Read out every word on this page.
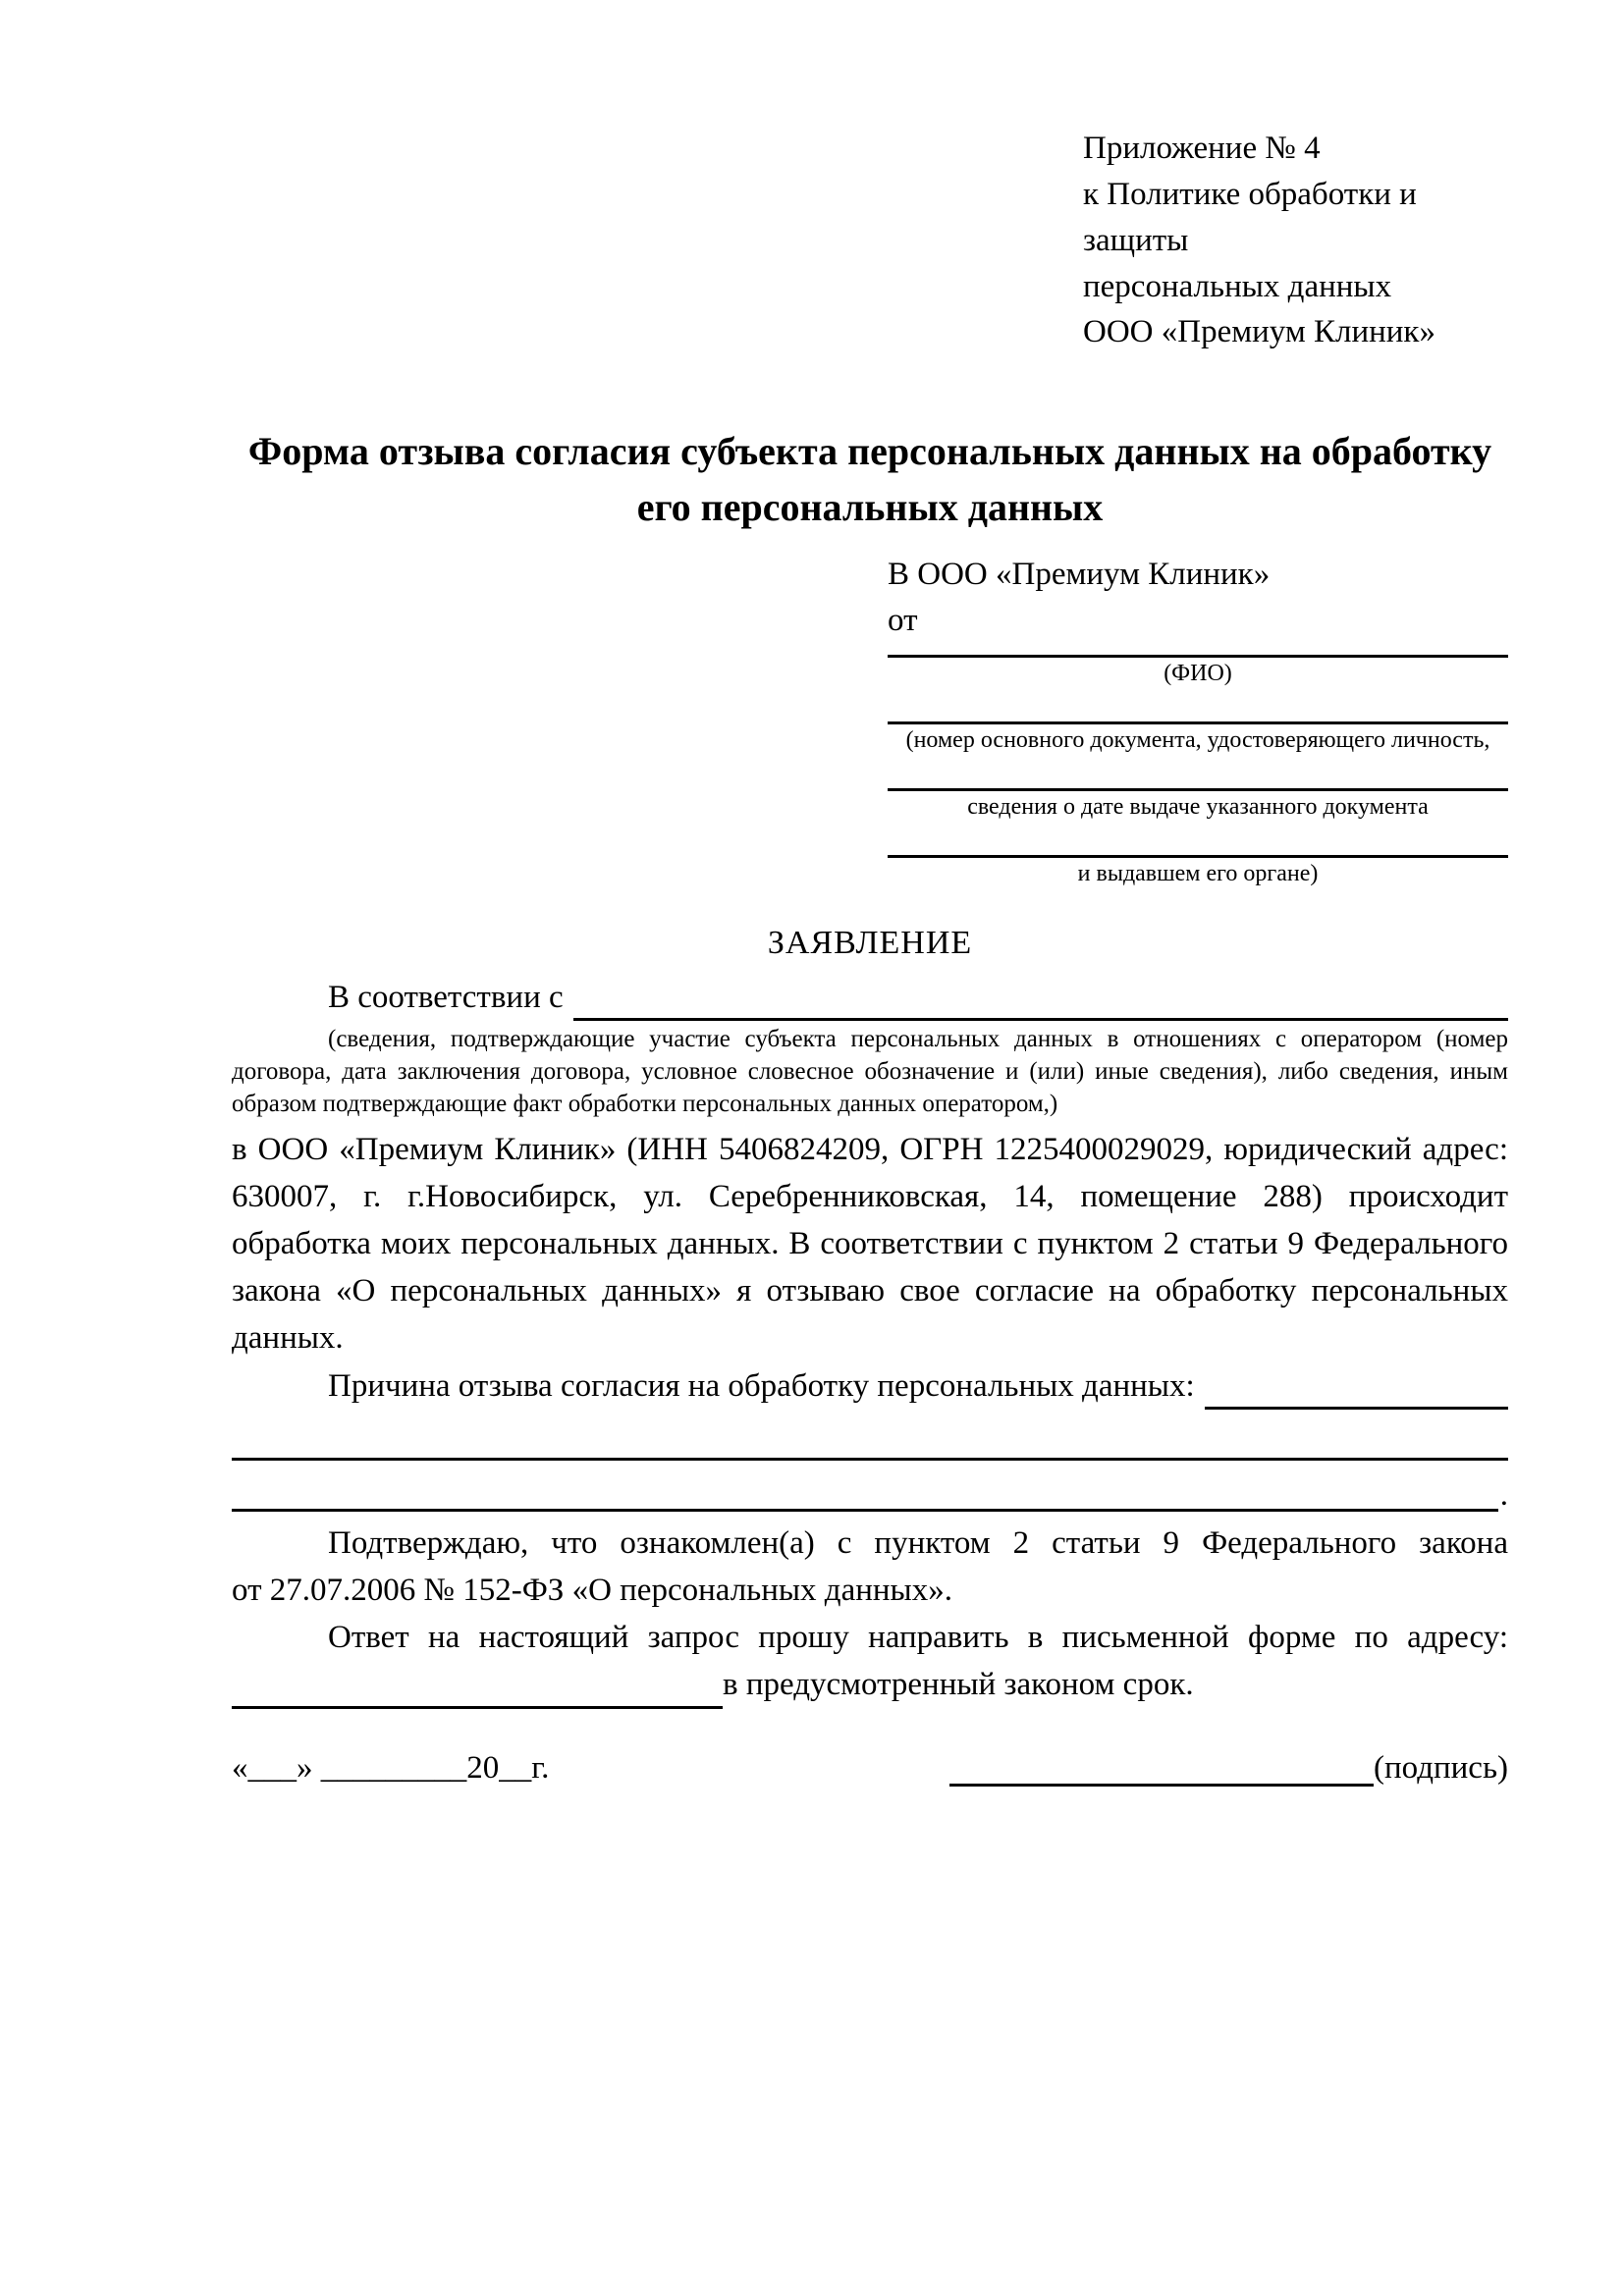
Приложение № 4
к Политике обработки и защиты
персональных данных
ООО «Премиум Клиник»
Форма отзыва согласия субъекта персональных данных на обработку
его персональных данных
В ООО «Премиум Клиник»
от
(ФИО)
(номер основного документа, удостоверяющего личность,
сведения о дате выдаче указанного документа
и выдавшем его органе)
ЗАЯВЛЕНИЕ
В соответствии с

(сведения, подтверждающие участие субъекта персональных данных в отношениях с оператором (номер договора, дата заключения договора, условное словесное обозначение и (или) иные сведения), либо сведения, иным образом подтверждающие факт обработки персональных данных оператором,)

в ООО «Премиум Клиник» (ИНН 5406824209, ОГРН 1225400029029, юридический адрес: 630007, г. г.Новосибирск, ул. Серебренниковская, 14, помещение 288) происходит обработка моих персональных данных. В соответствии с пунктом 2 статьи 9 Федерального закона «О персональных данных» я отзываю свое согласие на обработку персональных данных.

Причина отзыва согласия на обработку персональных данных:
.

Подтверждаю, что ознакомлен(а) с пунктом 2 статьи 9 Федерального закона от 27.07.2006 № 152-ФЗ «О персональных данных».

Ответ на настоящий запрос прошу направить в письменной форме по адресу:

в предусмотренный законом срок.
«___» _________20__г.	(подпись)
